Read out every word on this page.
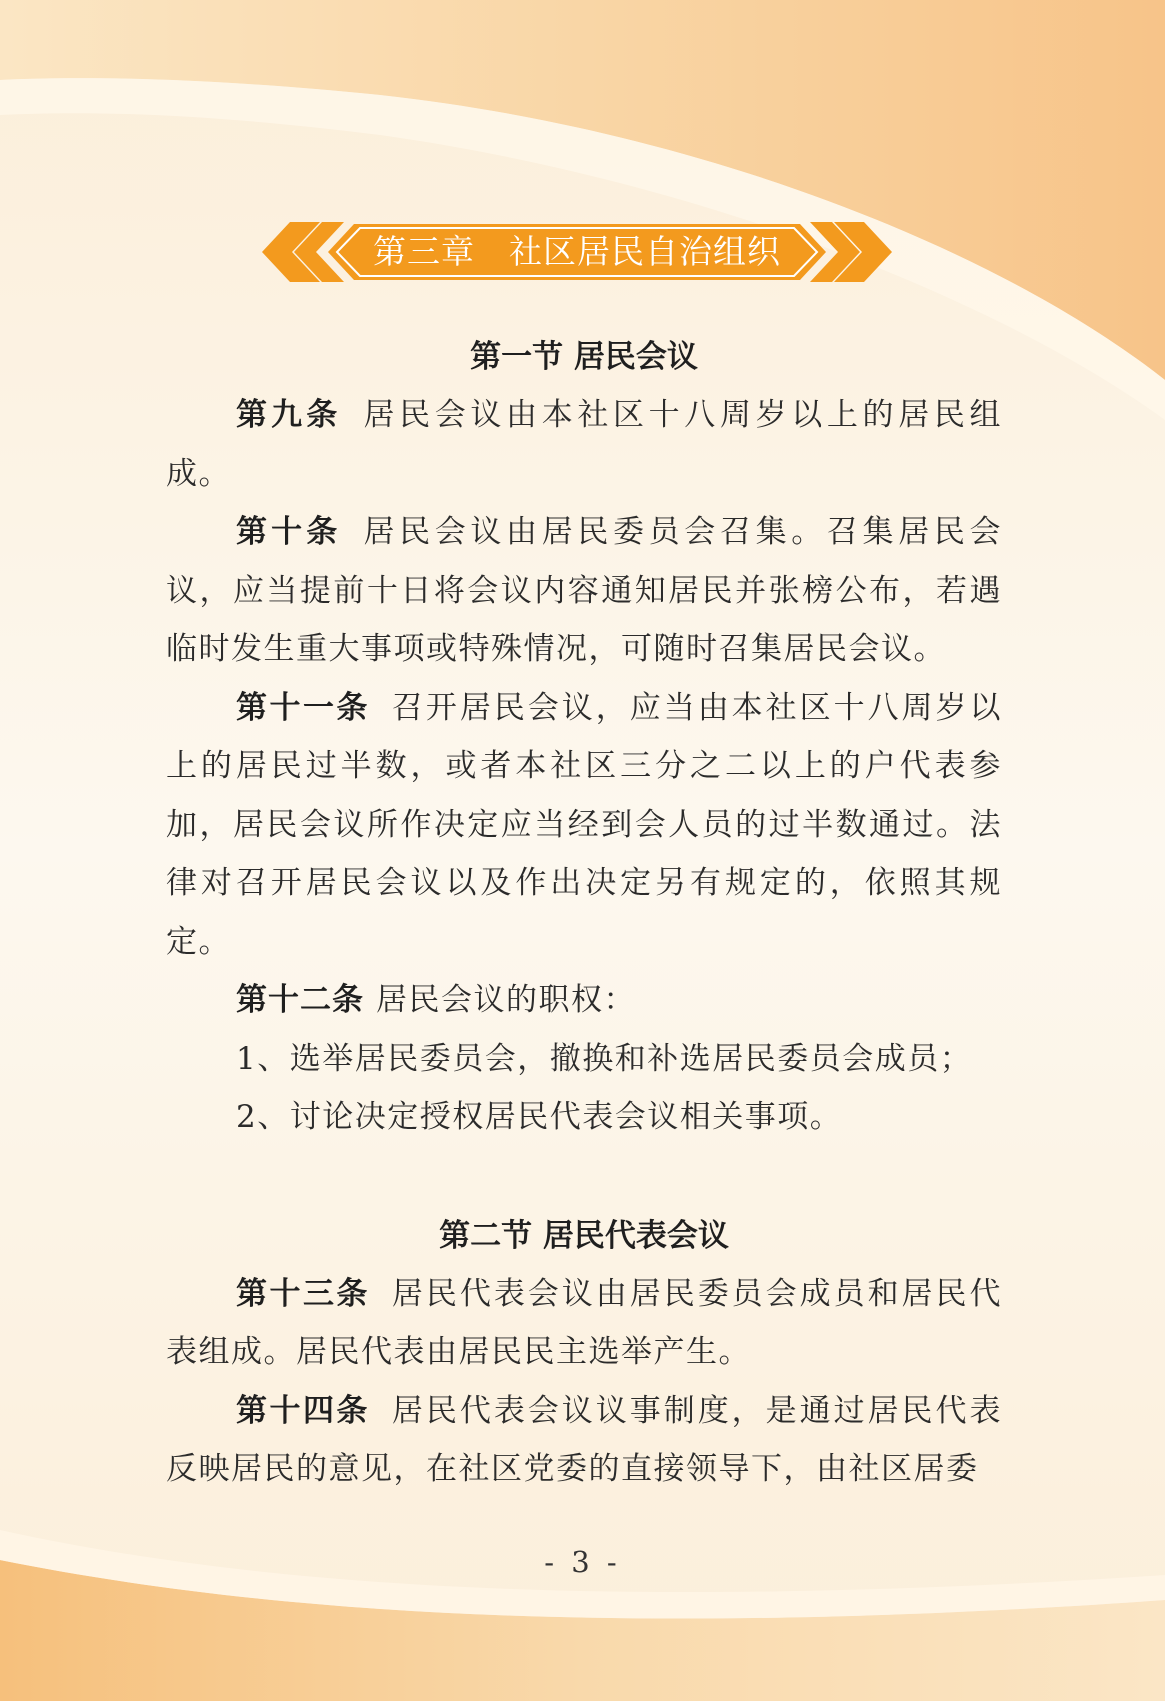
第三章　社区居民自治组织
第一节 居民会议

第九条 居民会议由本社区十八周岁以上的居民组成。

第十条 居民会议由居民委员会召集。召集居民会议，应当提前十日将会议内容通知居民并张榜公布，若遇临时发生重大事项或特殊情况，可随时召集居民会议。

第十一条 召开居民会议，应当由本社区十八周岁以上的居民过半数，或者本社区三分之二以上的户代表参加，居民会议所作决定应当经到会人员的过半数通过。法律对召开居民会议以及作出决定另有规定的，依照其规定。

第十二条 居民会议的职权：

1、选举居民委员会，撤换和补选居民委员会成员；

2、讨论决定授权居民代表会议相关事项。

第二节 居民代表会议

第十三条 居民代表会议由居民委员会成员和居民代表组成。居民代表由居民民主选举产生。

第十四条 居民代表会议议事制度，是通过居民代表反映居民的意见，在社区党委的直接领导下，由社区居委

- 3 -
